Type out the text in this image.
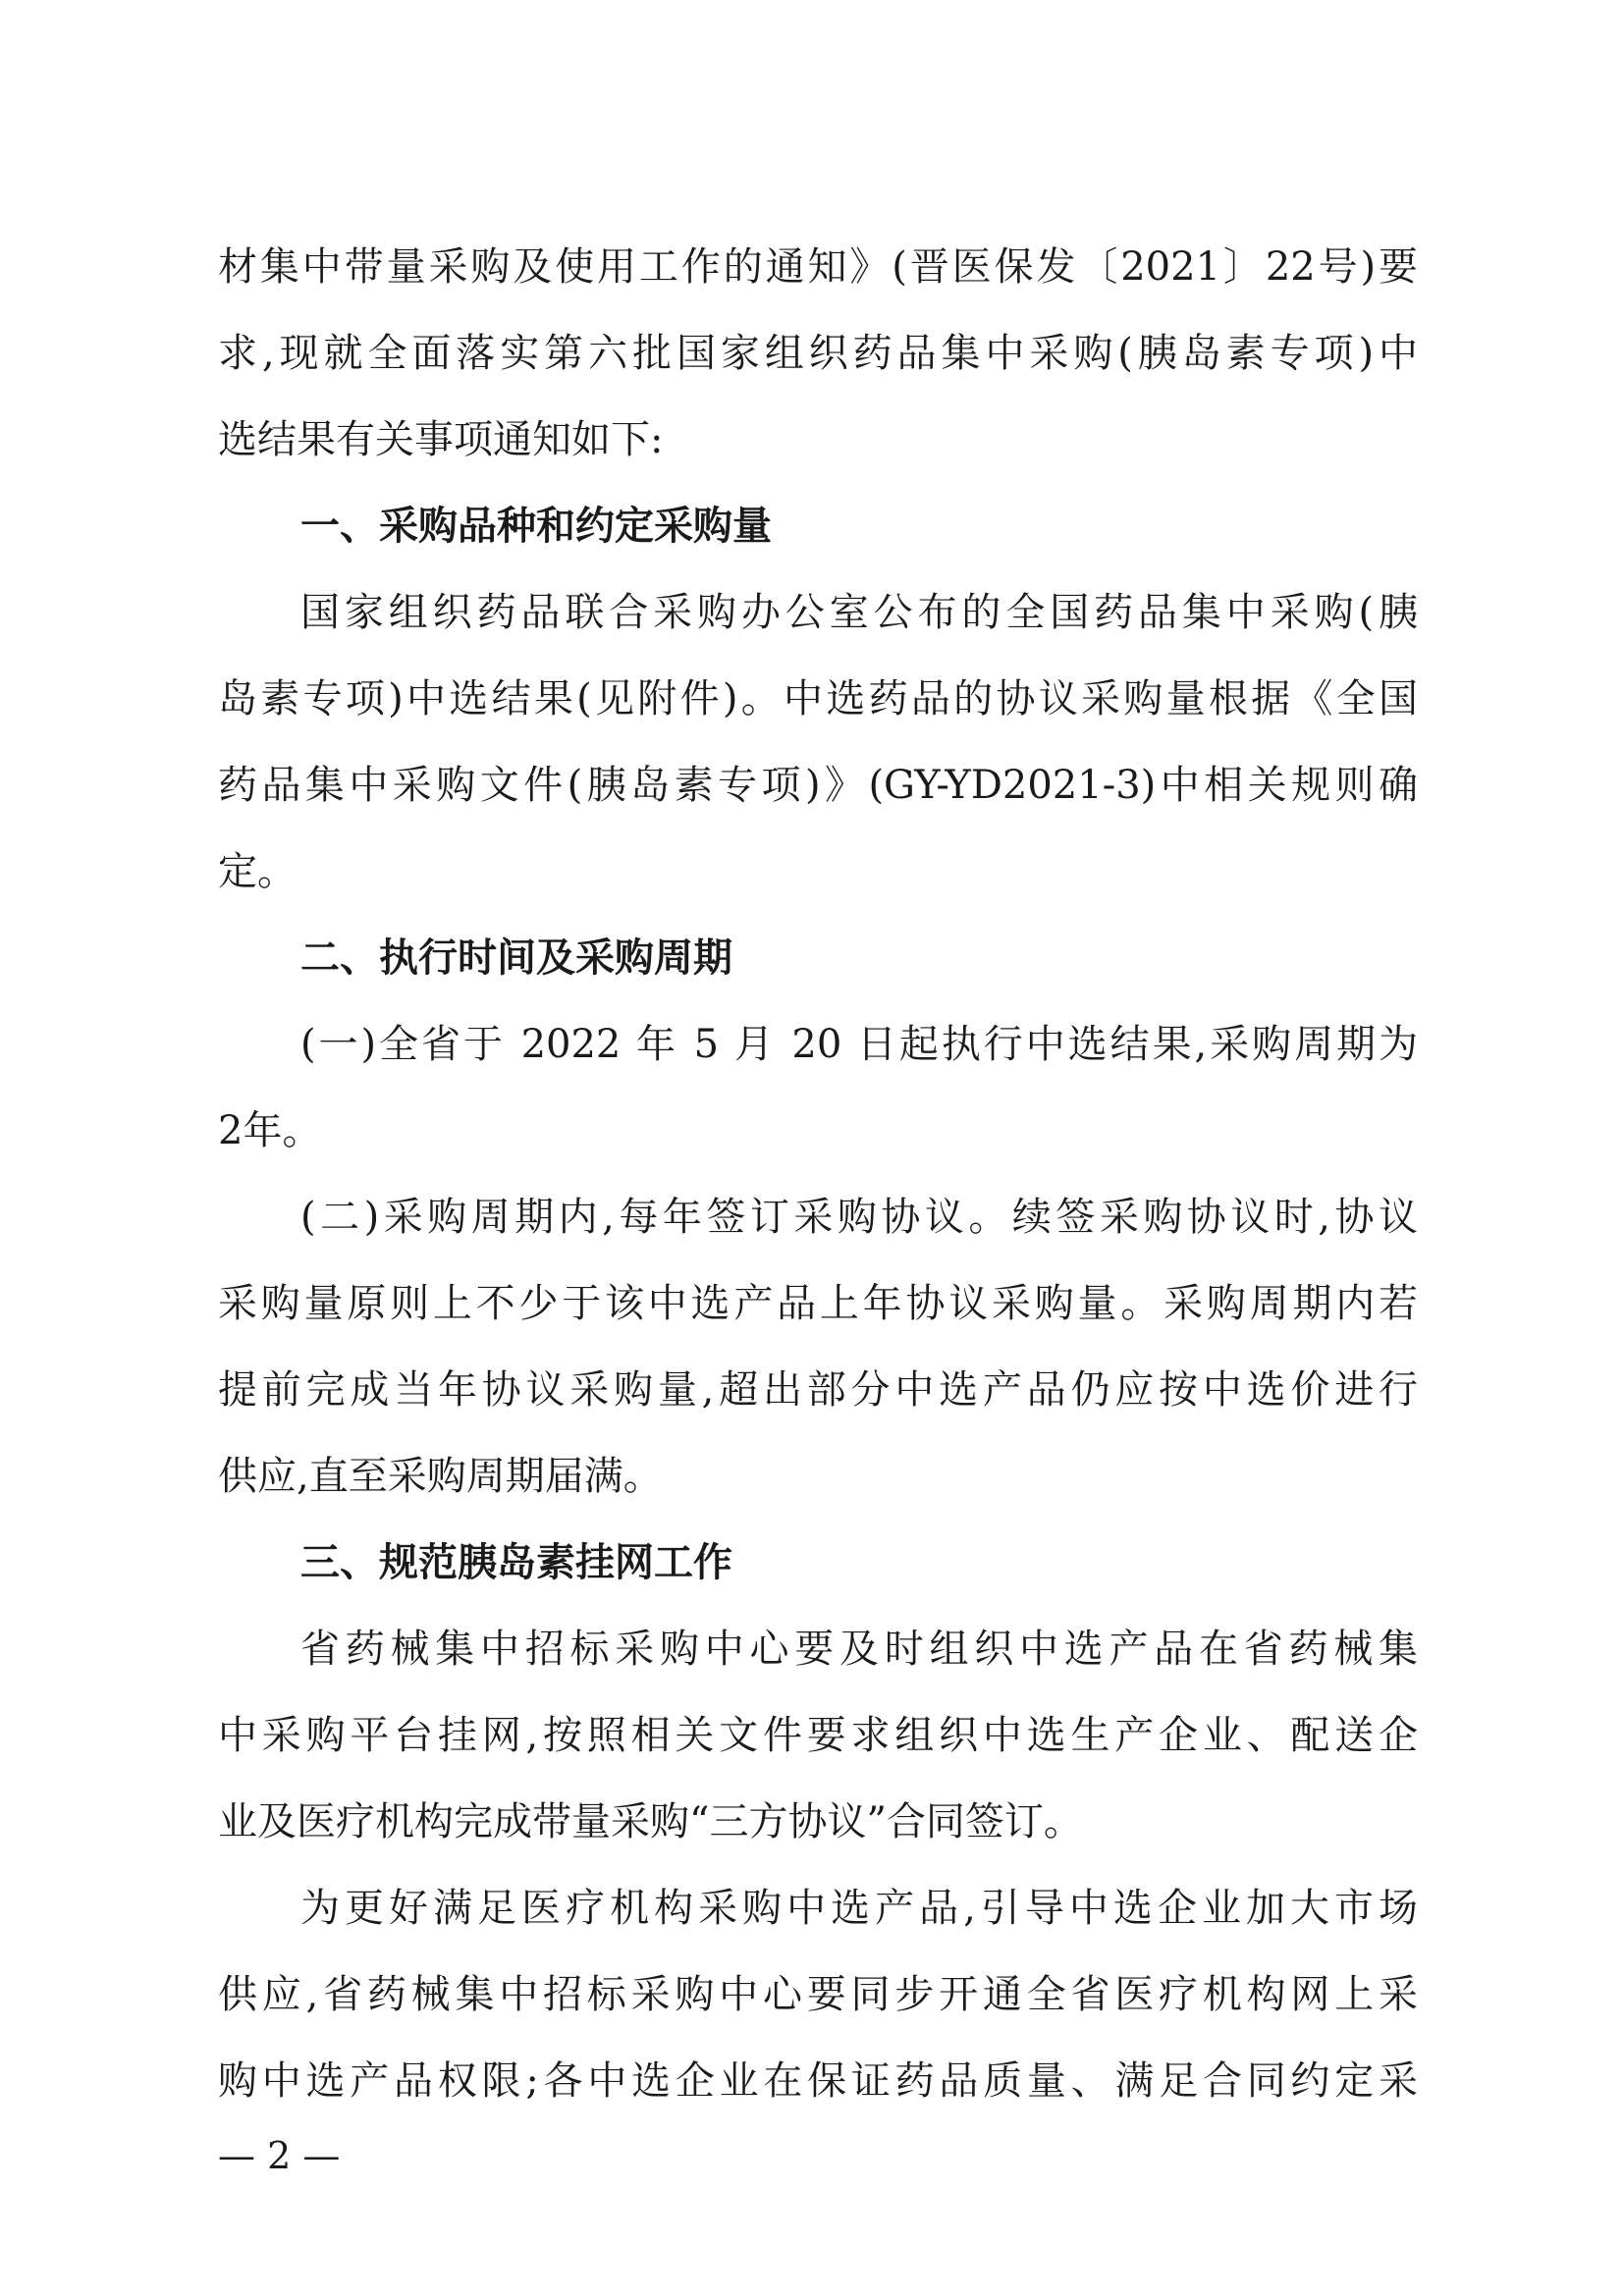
材集中带量采购及使用工作的通知》(晋医保发〔2021〕22号)要
求,现就全面落实第六批国家组织药品集中采购(胰岛素专项)中
选结果有关事项通知如下:
一、采购品种和约定采购量
国家组织药品联合采购办公室公布的全国药品集中采购(胰
岛素专项)中选结果(见附件)。中选药品的协议采购量根据《全国
药品集中采购文件(胰岛素专项)》(GY-YD2021-3)中相关规则确
定。
二、执行时间及采购周期
(一)全省于 2022 年 5 月 20 日起执行中选结果,采购周期为
2年。
(二)采购周期内,每年签订采购协议。续签采购协议时,协议
采购量原则上不少于该中选产品上年协议采购量。采购周期内若
提前完成当年协议采购量,超出部分中选产品仍应按中选价进行
供应,直至采购周期届满。
三、规范胰岛素挂网工作
省药械集中招标采购中心要及时组织中选产品在省药械集
中采购平台挂网,按照相关文件要求组织中选生产企业、配送企
业及医疗机构完成带量采购“三方协议”合同签订。
为更好满足医疗机构采购中选产品,引导中选企业加大市场
供应,省药械集中招标采购中心要同步开通全省医疗机构网上采
购中选产品权限;各中选企业在保证药品质量、满足合同约定采
— 2 —
